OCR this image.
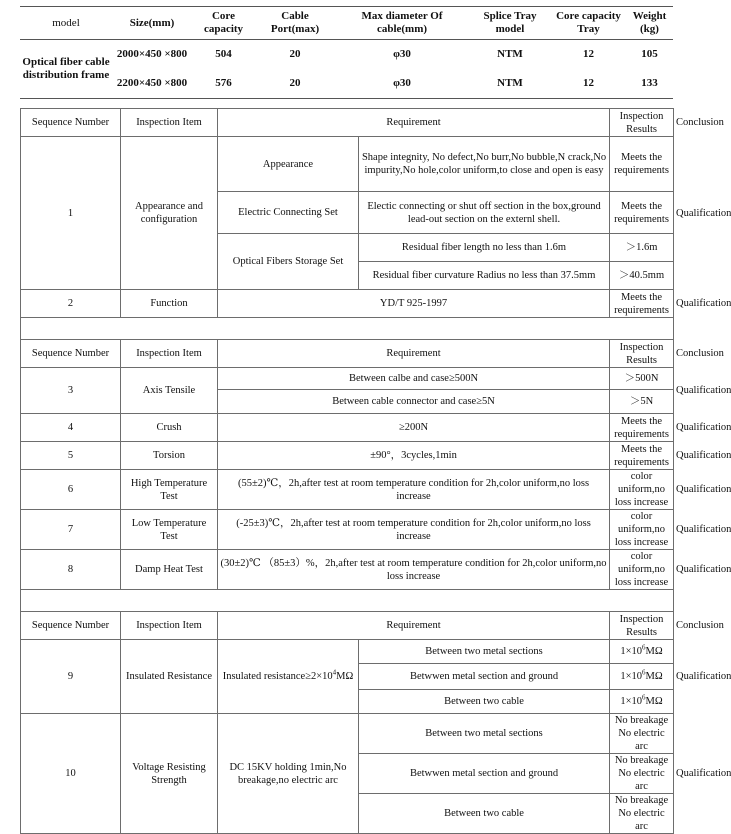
model	Size(mm)	Core capacity	Cable Port(max)	Max diameter Of cable(mm)	Splice Tray model	Core capacity Tray	Weight (kg)
Optical fiber cable distribution frame	2000×450 ×800	504	20	φ30	NTM	12	105
	2200×450 ×800	576	20	φ30	NTM	12	133
Sequence Number	Inspection Item	Requirement		Inspection Results	Conclusion
1	Appearance and configuration	Appearance	Shape integnity, No defect,No burr,No bubble,N crack,No impurity,No hole,color uniform,to close and open is easy	Meets the requirements	Qualification
		Electric Connecting Set	Electic connecting or shut off section in the box,ground lead-out section on the externl shell.	Meets the requirements	
		Optical Fibers Storage Set	Residual fiber length no less than 1.6m	＞1.6m	
			Residual fiber curvature Radius no less than 37.5mm	＞40.5mm	
2	Function	YD/T 925-1997		Meets the requirements	Qualification

Sequence Number	Inspection Item	Requirement		Inspection Results	Conclusion
3	Axis Tensile	Between calbe and case≥500N		＞500N	Qualification
		Between cable connector and case≥5N		＞5N	
4	Crush	≥200N		Meets the requirements	Qualification
5	Torsion	±90°，3cycles,1min		Meets the requirements	Qualification
6	High Temperature Test	(55±2)℃，2h,after test at room temperature condition for 2h,color uniform,no loss increase		color uniform,no loss increase	Qualification
7	Low Temperature Test	(-25±3)℃，2h,after test at room temperature condition for 2h,color uniform,no loss increase		color uniform,no loss increase	Qualification
8	Damp Heat Test	(30±2)℃ （85±3）%，2h,after test at room temperature condition for 2h,color uniform,no loss increase		color uniform,no loss increase	Qualification

Sequence Number	Inspection Item	Requirement		Inspection Results	Conclusion
9	Insulated Resistance	Insulated $resistance\ge 2\times 10^4M\Omega$	Between two metal sections	$1\times 10^6M\Omega$	Qualification
			Betwwen metal section and ground	$1\times 10^6M\Omega$	
			Between two cable	$1\times 10^6M\Omega$	
10	Voltage Resisting Strength	DC 15KV holding 1min,No breakage,no electric arc	Between two metal sections	No breakage No electric arc	Qualification
			Betwwen metal section and ground	No breakage No electric arc	
			Between two cable	No breakage No electric arc	
